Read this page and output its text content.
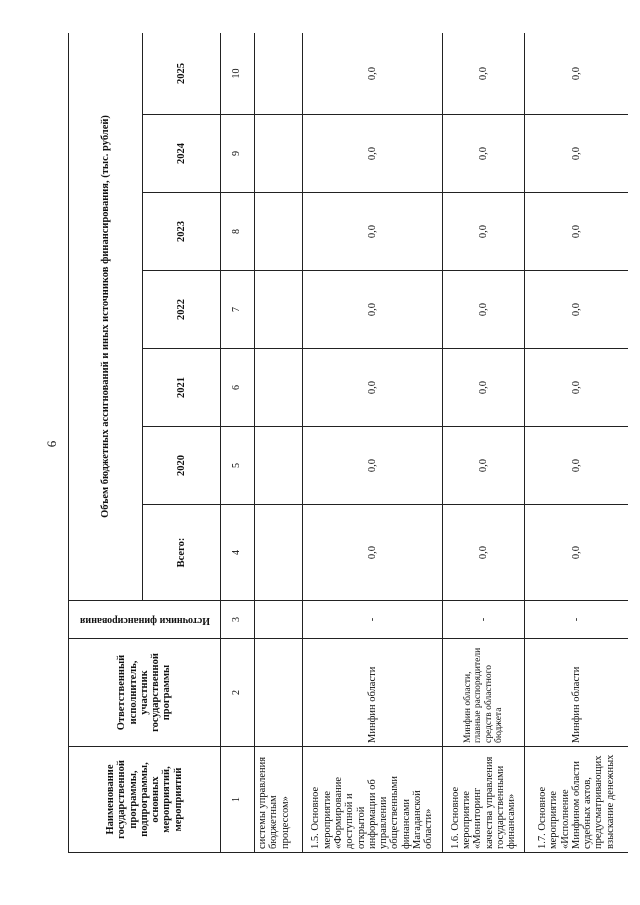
6
Наименование государственной программы, подпрограммы, основных мероприятий, мероприятий	Ответственный исполнитель, участник государственной программы	Источники финансирования	Объем бюджетных ассигнований и иных источников финансирования, (тыс. рублей)						
			Всего:	2020	2021	2022	2023	2024	2025
1	2	3	4	5	6	7	8	9	10
системы управления бюджетным процессом»									
1.5. Основное мероприятие «Формирование доступной и открытой информации об управлении общественными финансами Магаданской области»	Минфин области	-	0,0	0,0	0,0	0,0	0,0	0,0	0,0
1.6. Основное мероприятие «Мониторинг качества управления государственными финансами»	Минфин области, главные распорядители средств областного бюджета	-	0,0	0,0	0,0	0,0	0,0	0,0	0,0
1.7. Основное мероприятие «Исполнение Минфином области судебных актов, предусматривающих взыскание денежных	Минфин области	-	0,0	0,0	0,0	0,0	0,0	0,0	0,0
